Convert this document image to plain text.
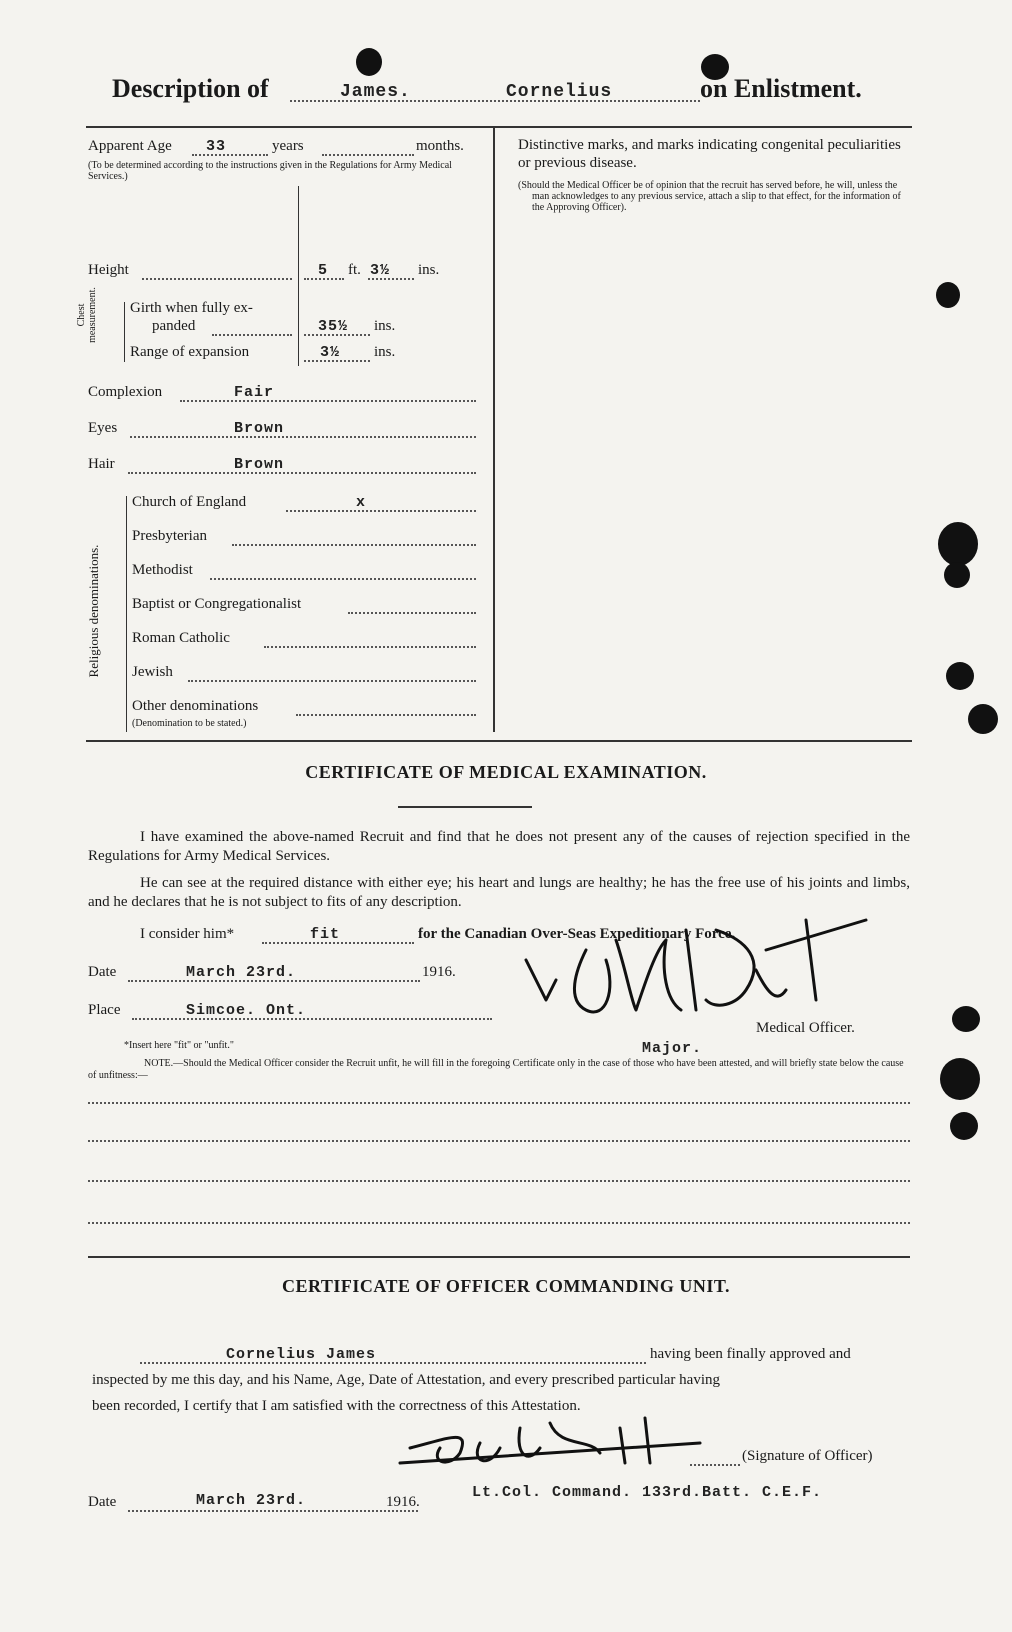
Description of	James.	Cornelius	on Enlistment.
Apparent Age 33	years	months.
(To be determined according to the instructions given in the Regulations for Army Medical Services.)
Height	5 ft. 3½ ins.
Chest measurement. Girth when fully ex-
panded	35½ ins.
Range of expansion	3½ ins.
Complexion	Fair
Eyes	Brown
Hair	Brown
Religious denominations.
Church of England	x
Presbyterian
Methodist
Baptist or Congregationalist
Roman Catholic
Jewish
Other denominations
(Denomination to be stated.)
Distinctive marks, and marks indicating congenital peculiarities or previous disease.
(Should the Medical Officer be of opinion that the recruit has served before, he will, unless the man acknowledges to any previous service, attach a slip to that effect, for the information of the Approving Officer).
CERTIFICATE OF MEDICAL EXAMINATION.
I have examined the above-named Recruit and find that he does not present any of the causes of rejection specified in the Regulations for Army Medical Services.
He can see at the required distance with either eye; his heart and lungs are healthy; he has the free use of his joints and limbs, and he declares that he is not subject to fits of any description.
I consider him*	fit	for the Canadian Over-Seas Expeditionary Force.
Date	March 23rd.	1916.
Place	Simcoe. Ont.
Medical Officer.
Major.
*Insert here "fit" or "unfit."
NOTE.—Should the Medical Officer consider the Recruit unfit, he will fill in the foregoing Certificate only in the case of those who have been attested, and will briefly state below the cause of unfitness:—
CERTIFICATE OF OFFICER COMMANDING UNIT.
Cornelius James	having been finally approved and
inspected by me this day, and his Name, Age, Date of Attestation, and every prescribed particular having
been recorded, I certify that I am satisfied with the correctness of this Attestation.
(Signature of Officer)
Date	March 23rd.	1916.
Lt.Col. Command. 133rd.Batt. C.E.F.
